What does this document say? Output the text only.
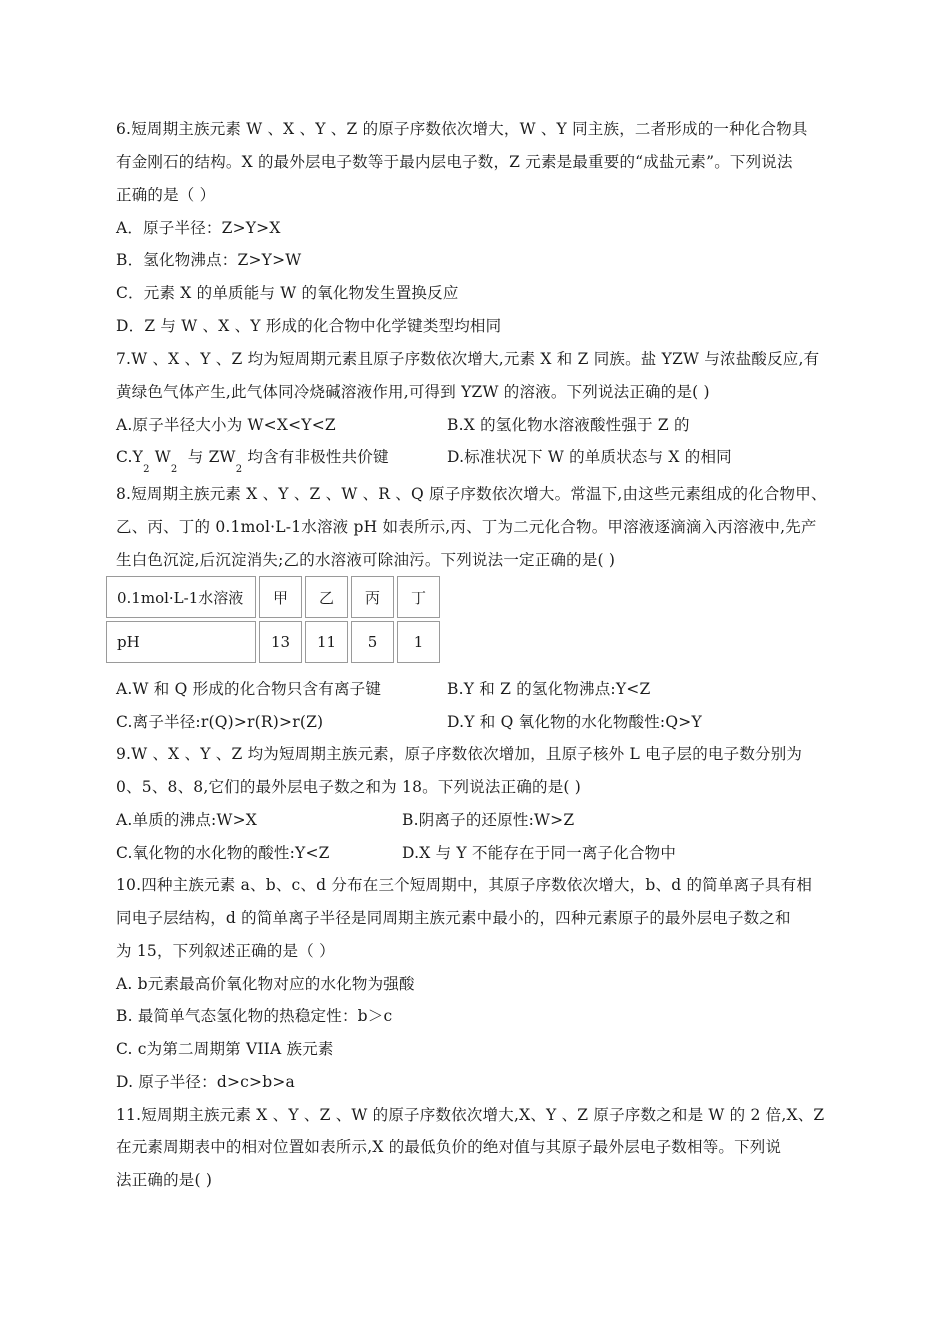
6.短周期主族元素 W 、X 、Y 、Z 的原子序数依次增大，W 、Y 同主族，二者形成的一种化合物具
有金刚石的结构。X 的最外层电子数等于最内层电子数，Z 元素是最重要的“成盐元素”。下列说法
正确的是（ ）
A．原子半径：Z>Y>X
B．氢化物沸点：Z>Y>W
C．元素 X 的单质能与 W 的氧化物发生置换反应
D．Z 与 W 、X 、Y 形成的化合物中化学键类型均相同
7.W 、X 、Y 、Z 均为短周期元素且原子序数依次增大,元素 X 和 Z 同族。盐 YZW 与浓盐酸反应,有
黄绿色气体产生,此气体同冷烧碱溶液作用,可得到 YZW 的溶液。下列说法正确的是( )
A.原子半径大小为 W<X<Y<Z	B.X 的氢化物水溶液酸性强于 Z 的
$C.Y_2$ $W_2$  与 $ZW_2$ 均含有非极性共价键	D.标准状况下 W 的单质状态与 X 的相同
8.短周期主族元素 X 、Y 、Z 、W 、R 、Q 原子序数依次增大。常温下,由这些元素组成的化合物甲、
乙、丙、丁的 0.1mol·L-1水溶液 pH 如表所示,丙、丁为二元化合物。甲溶液逐滴滴入丙溶液中,先产
生白色沉淀,后沉淀消失;乙的水溶液可除油污。下列说法一定正确的是( )
0.1mol·L-1水溶液	甲	乙	丙	丁
pH	13	11	5	1
A.W 和 Q 形成的化合物只含有离子键	B.Y 和 Z 的氢化物沸点:Y<Z
C.离子半径:r(Q)>r(R)>r(Z)	D.Y 和 Q 氧化物的水化物酸性:Q>Y
9.W 、X 、Y 、Z 均为短周期主族元素，原子序数依次增加，且原子核外 L 电子层的电子数分别为
0、5、8、8,它们的最外层电子数之和为 18。下列说法正确的是( )
A.单质的沸点:W>X	B.阴离子的还原性:W>Z
C.氧化物的水化物的酸性:Y<Z	D.X 与 Y 不能存在于同一离子化合物中
10.四种主族元素 a、b、c、d 分布在三个短周期中，其原子序数依次增大，b、d 的简单离子具有相
同电子层结构，d 的简单离子半径是同周期主族元素中最小的，四种元素原子的最外层电子数之和
为 15，下列叙述正确的是（ ）
A. b元素最高价氧化物对应的水化物为强酸
B. 最简单气态氢化物的热稳定性：b＞c
C. c为第二周期第 VIIA 族元素
D. 原子半径：d>c>b>a
11.短周期主族元素 X 、Y 、Z 、W 的原子序数依次增大,X、Y 、Z 原子序数之和是 W 的 2 倍,X、Z
在元素周期表中的相对位置如表所示,X 的最低负价的绝对值与其原子最外层电子数相等。下列说
法正确的是( )
